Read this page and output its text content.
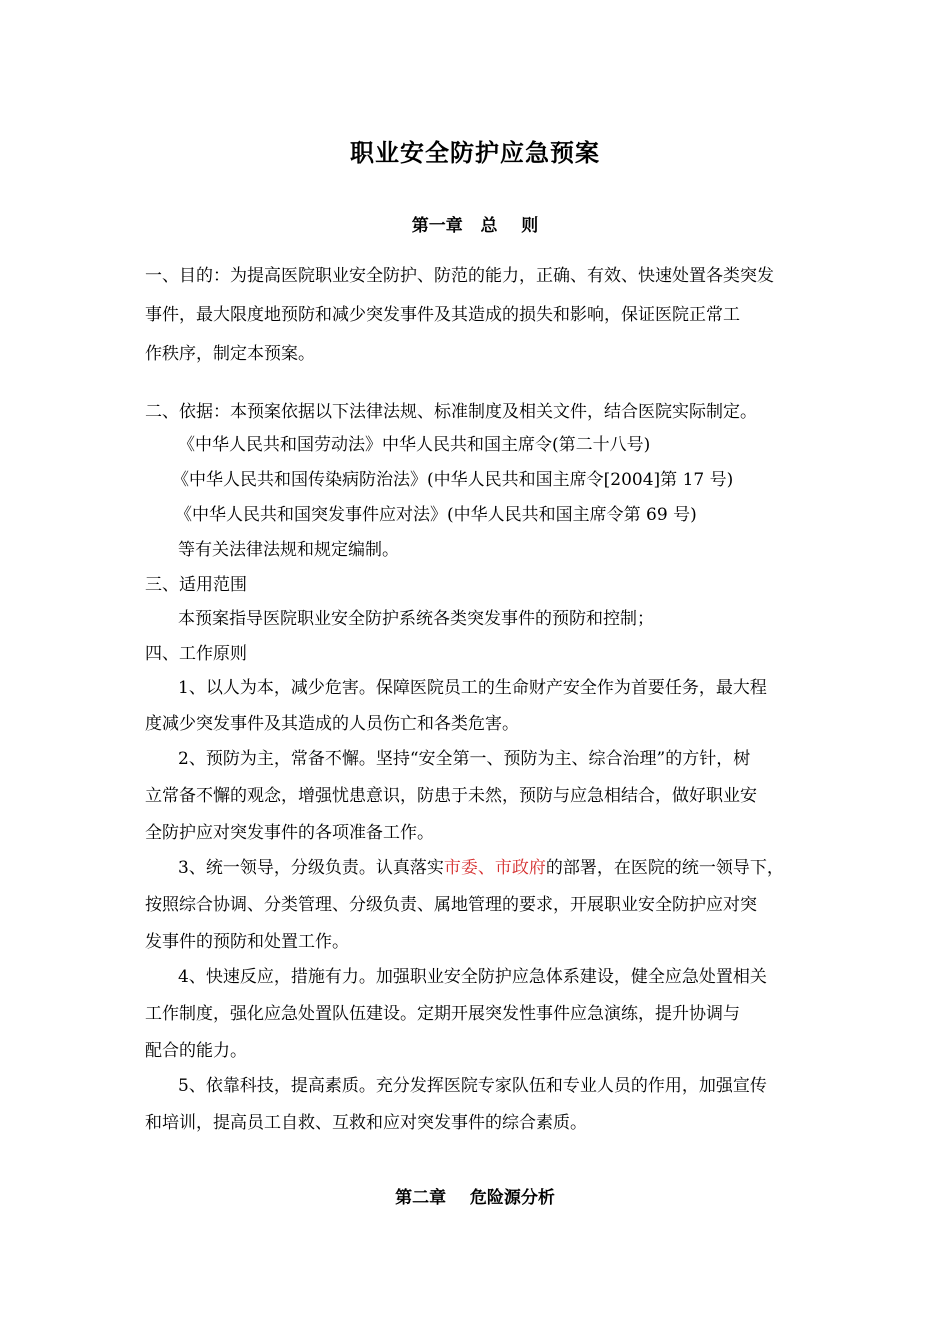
职业安全防护应急预案
第一章   总    则
一、目的：为提高医院职业安全防护、防范的能力，正确、有效、快速处置各类突发
事件，最大限度地预防和减少突发事件及其造成的损失和影响，保证医院正常工
作秩序，制定本预案。
二、依据：本预案依据以下法律法规、标准制度及相关文件，结合医院实际制定。
《中华人民共和国劳动法》中华人民共和国主席令(第二十八号)
《中华人民共和国传染病防治法》(中华人民共和国主席令[2004]第 17 号)
《中华人民共和国突发事件应对法》(中华人民共和国主席令第 69 号)
等有关法律法规和规定编制。
三、适用范围
本预案指导医院职业安全防护系统各类突发事件的预防和控制；
四、工作原则
1、以人为本，减少危害。保障医院员工的生命财产安全作为首要任务，最大程
度减少突发事件及其造成的人员伤亡和各类危害。
2、预防为主，常备不懈。坚持“安全第一、预防为主、综合治理”的方针，树
立常备不懈的观念，增强忧患意识，防患于未然，预防与应急相结合，做好职业安
全防护应对突发事件的各项准备工作。
3、统一领导，分级负责。认真落实市委、市政府的部署，在医院的统一领导下，
按照综合协调、分类管理、分级负责、属地管理的要求，开展职业安全防护应对突
发事件的预防和处置工作。
4、快速反应，措施有力。加强职业安全防护应急体系建设，健全应急处置相关
工作制度，强化应急处置队伍建设。定期开展突发性事件应急演练，提升协调与
配合的能力。
5、依靠科技，提高素质。充分发挥医院专家队伍和专业人员的作用，加强宣传
和培训，提高员工自救、互救和应对突发事件的综合素质。
第二章    危险源分析
